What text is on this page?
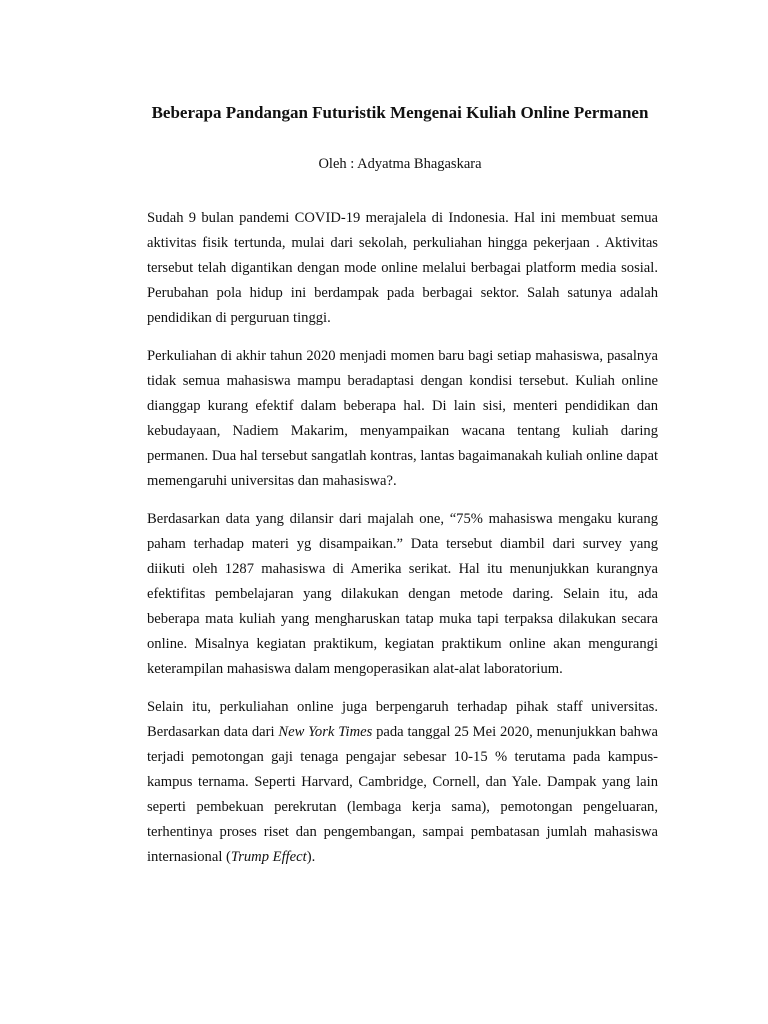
Beberapa Pandangan Futuristik Mengenai Kuliah Online Permanen

Oleh : Adyatma Bhagaskara

Sudah 9 bulan pandemi COVID-19 merajalela di Indonesia. Hal ini membuat semua aktivitas fisik tertunda, mulai dari sekolah, perkuliahan hingga pekerjaan . Aktivitas tersebut telah digantikan dengan mode online melalui berbagai platform media sosial. Perubahan pola hidup ini berdampak pada berbagai sektor. Salah satunya adalah pendidikan di perguruan tinggi.

Perkuliahan di akhir tahun 2020 menjadi momen baru bagi setiap mahasiswa, pasalnya tidak semua mahasiswa mampu beradaptasi dengan kondisi tersebut. Kuliah online dianggap kurang efektif dalam beberapa hal. Di lain sisi, menteri pendidikan dan kebudayaan, Nadiem Makarim, menyampaikan wacana tentang kuliah daring permanen. Dua hal tersebut sangatlah kontras, lantas bagaimanakah kuliah online dapat memengaruhi universitas dan mahasiswa?.

Berdasarkan data yang dilansir dari majalah one, “75% mahasiswa mengaku kurang paham terhadap materi yg disampaikan.” Data tersebut diambil dari survey yang diikuti oleh 1287 mahasiswa di Amerika serikat. Hal itu menunjukkan kurangnya efektifitas pembelajaran yang dilakukan dengan metode daring. Selain itu, ada beberapa mata kuliah yang mengharuskan tatap muka tapi terpaksa dilakukan secara online. Misalnya kegiatan praktikum, kegiatan praktikum online akan mengurangi keterampilan mahasiswa dalam mengoperasikan alat-alat laboratorium.

Selain itu, perkuliahan online juga berpengaruh terhadap pihak staff universitas. Berdasarkan data dari New York Times pada tanggal 25 Mei 2020, menunjukkan bahwa terjadi pemotongan gaji tenaga pengajar sebesar 10-15 % terutama pada kampus-kampus ternama. Seperti Harvard, Cambridge, Cornell, dan Yale. Dampak yang lain seperti pembekuan perekrutan (lembaga kerja sama), pemotongan pengeluaran, terhentinya proses riset dan pengembangan, sampai pembatasan jumlah mahasiswa internasional (Trump Effect).
